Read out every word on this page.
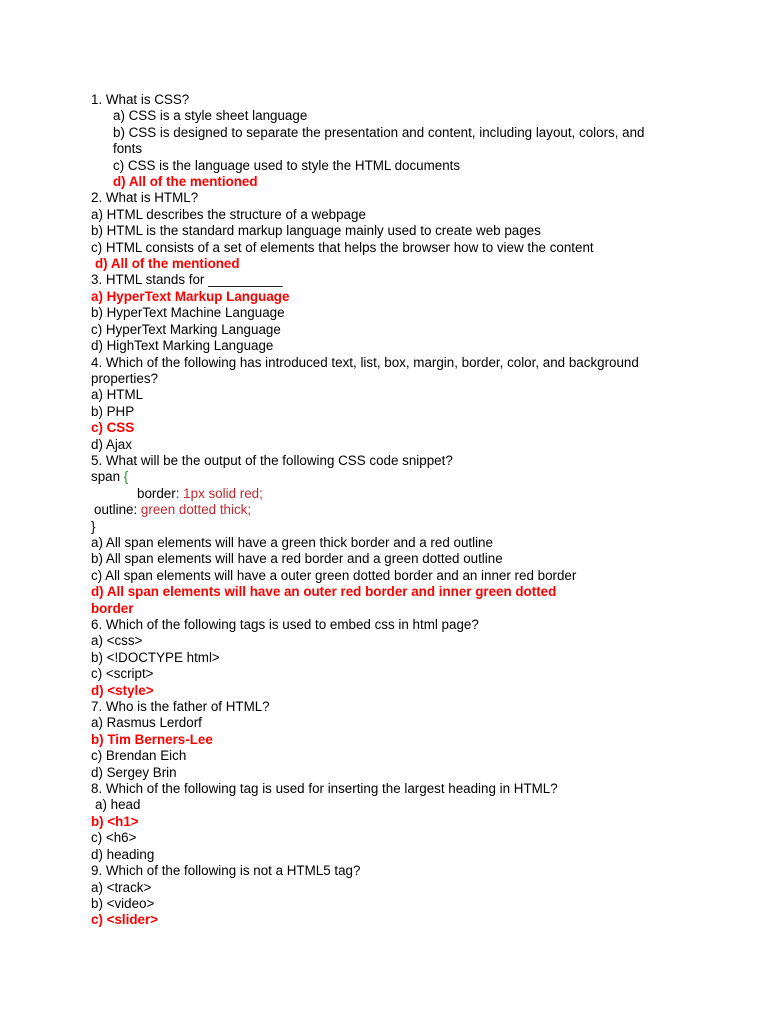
1. What is CSS?
a) CSS is a style sheet language
b) CSS is designed to separate the presentation and content, including layout, colors, and
fonts
c) CSS is the language used to style the HTML documents
d) All of the mentioned
2. What is HTML?
a) HTML describes the structure of a webpage
b) HTML is the standard markup language mainly used to create web pages
c) HTML consists of a set of elements that helps the browser how to view the content
d) All of the mentioned
3. HTML stands for __________
a) HyperText Markup Language
b) HyperText Machine Language
c) HyperText Marking Language
d) HighText Marking Language
4. Which of the following has introduced text, list, box, margin, border, color, and background
properties?
a) HTML
b) PHP
c) CSS
d) Ajax
5. What will be the output of the following CSS code snippet?
span {
border: 1px solid red;
outline: green dotted thick;
}
a) All span elements will have a green thick border and a red outline
b) All span elements will have a red border and a green dotted outline
c) All span elements will have a outer green dotted border and an inner red border
d) All span elements will have an outer red border and inner green dotted
border
6. Which of the following tags is used to embed css in html page?
a) <css>
b) <!DOCTYPE html>
c) <script>
d) <style>
7. Who is the father of HTML?
a) Rasmus Lerdorf
b) Tim Berners-Lee
c) Brendan Eich
d) Sergey Brin
8. Which of the following tag is used for inserting the largest heading in HTML?
a) head
b) <h1>
c) <h6>
d) heading
9. Which of the following is not a HTML5 tag?
a) <track>
b) <video>
c) <slider>
